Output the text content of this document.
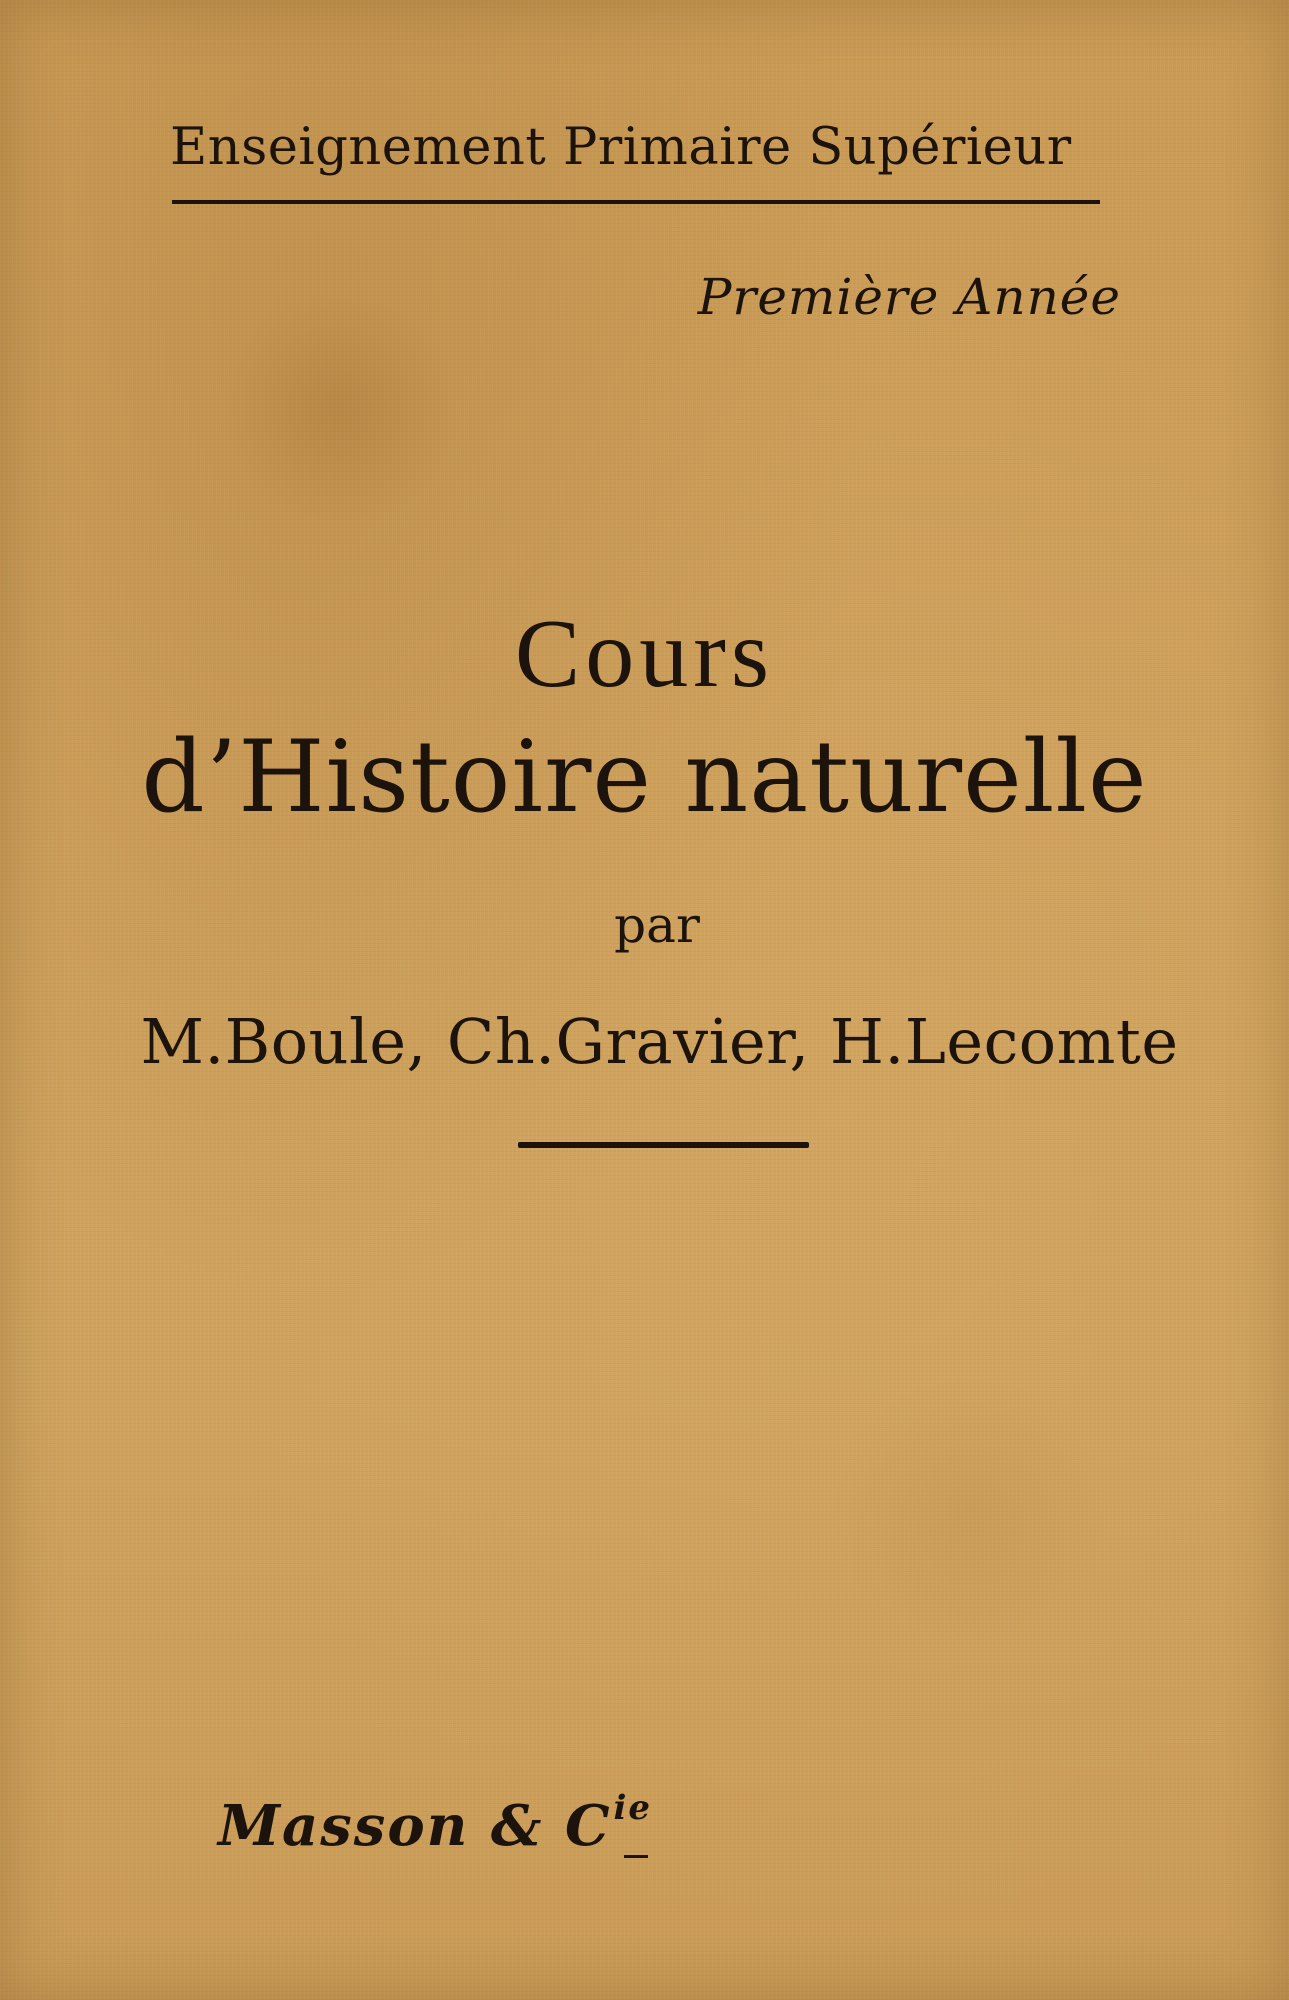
Enseignement Primaire Supérieur
Première Année
Cours
d’Histoire naturelle
par
M.Boule, Ch.Gravier, H.Lecomte
Masson & $C^{ie}$
